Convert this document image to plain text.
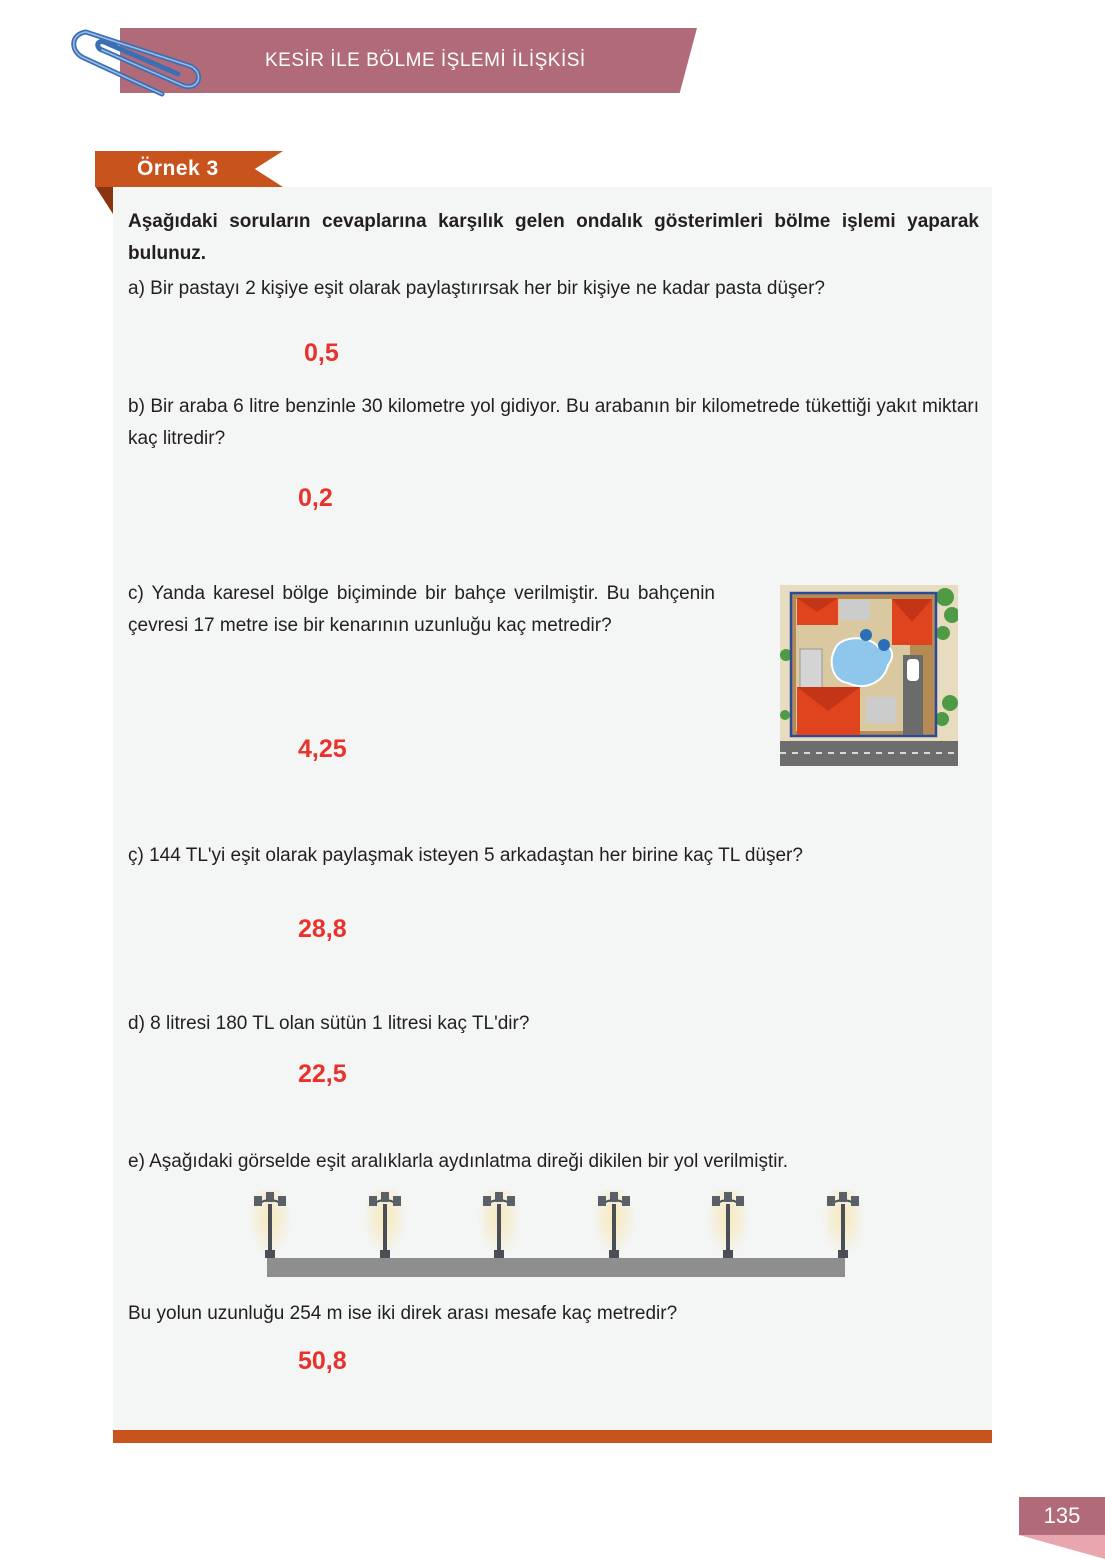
KESİR İLE BÖLME İŞLEMİ İLİŞKİSİ
Örnek 3
Aşağıdaki soruların cevaplarına karşılık gelen ondalık gösterimleri bölme işlemi yaparak bulunuz.
a) Bir pastayı 2 kişiye eşit olarak paylaştırırsak her bir kişiye ne kadar pasta düşer?
0,5
b) Bir araba 6 litre benzinle 30 kilometre yol gidiyor. Bu arabanın bir kilometrede tükettiği yakıt miktarı kaç litredir?
0,2
c) Yanda karesel bölge biçiminde bir bahçe verilmiştir. Bu bahçenin çevresi 17 metre ise bir kenarının uzunluğu kaç metredir?
4,25
ç) 144 TL'yi eşit olarak paylaşmak isteyen 5 arkadaştan her birine kaç TL düşer?
28,8
d) 8 litresi 180 TL olan sütün 1 litresi kaç TL'dir?
22,5
e) Aşağıdaki görselde eşit aralıklarla aydınlatma direği dikilen bir yol verilmiştir.
Bu yolun uzunluğu 254 m ise iki direk arası mesafe kaç metredir?
50,8
135
